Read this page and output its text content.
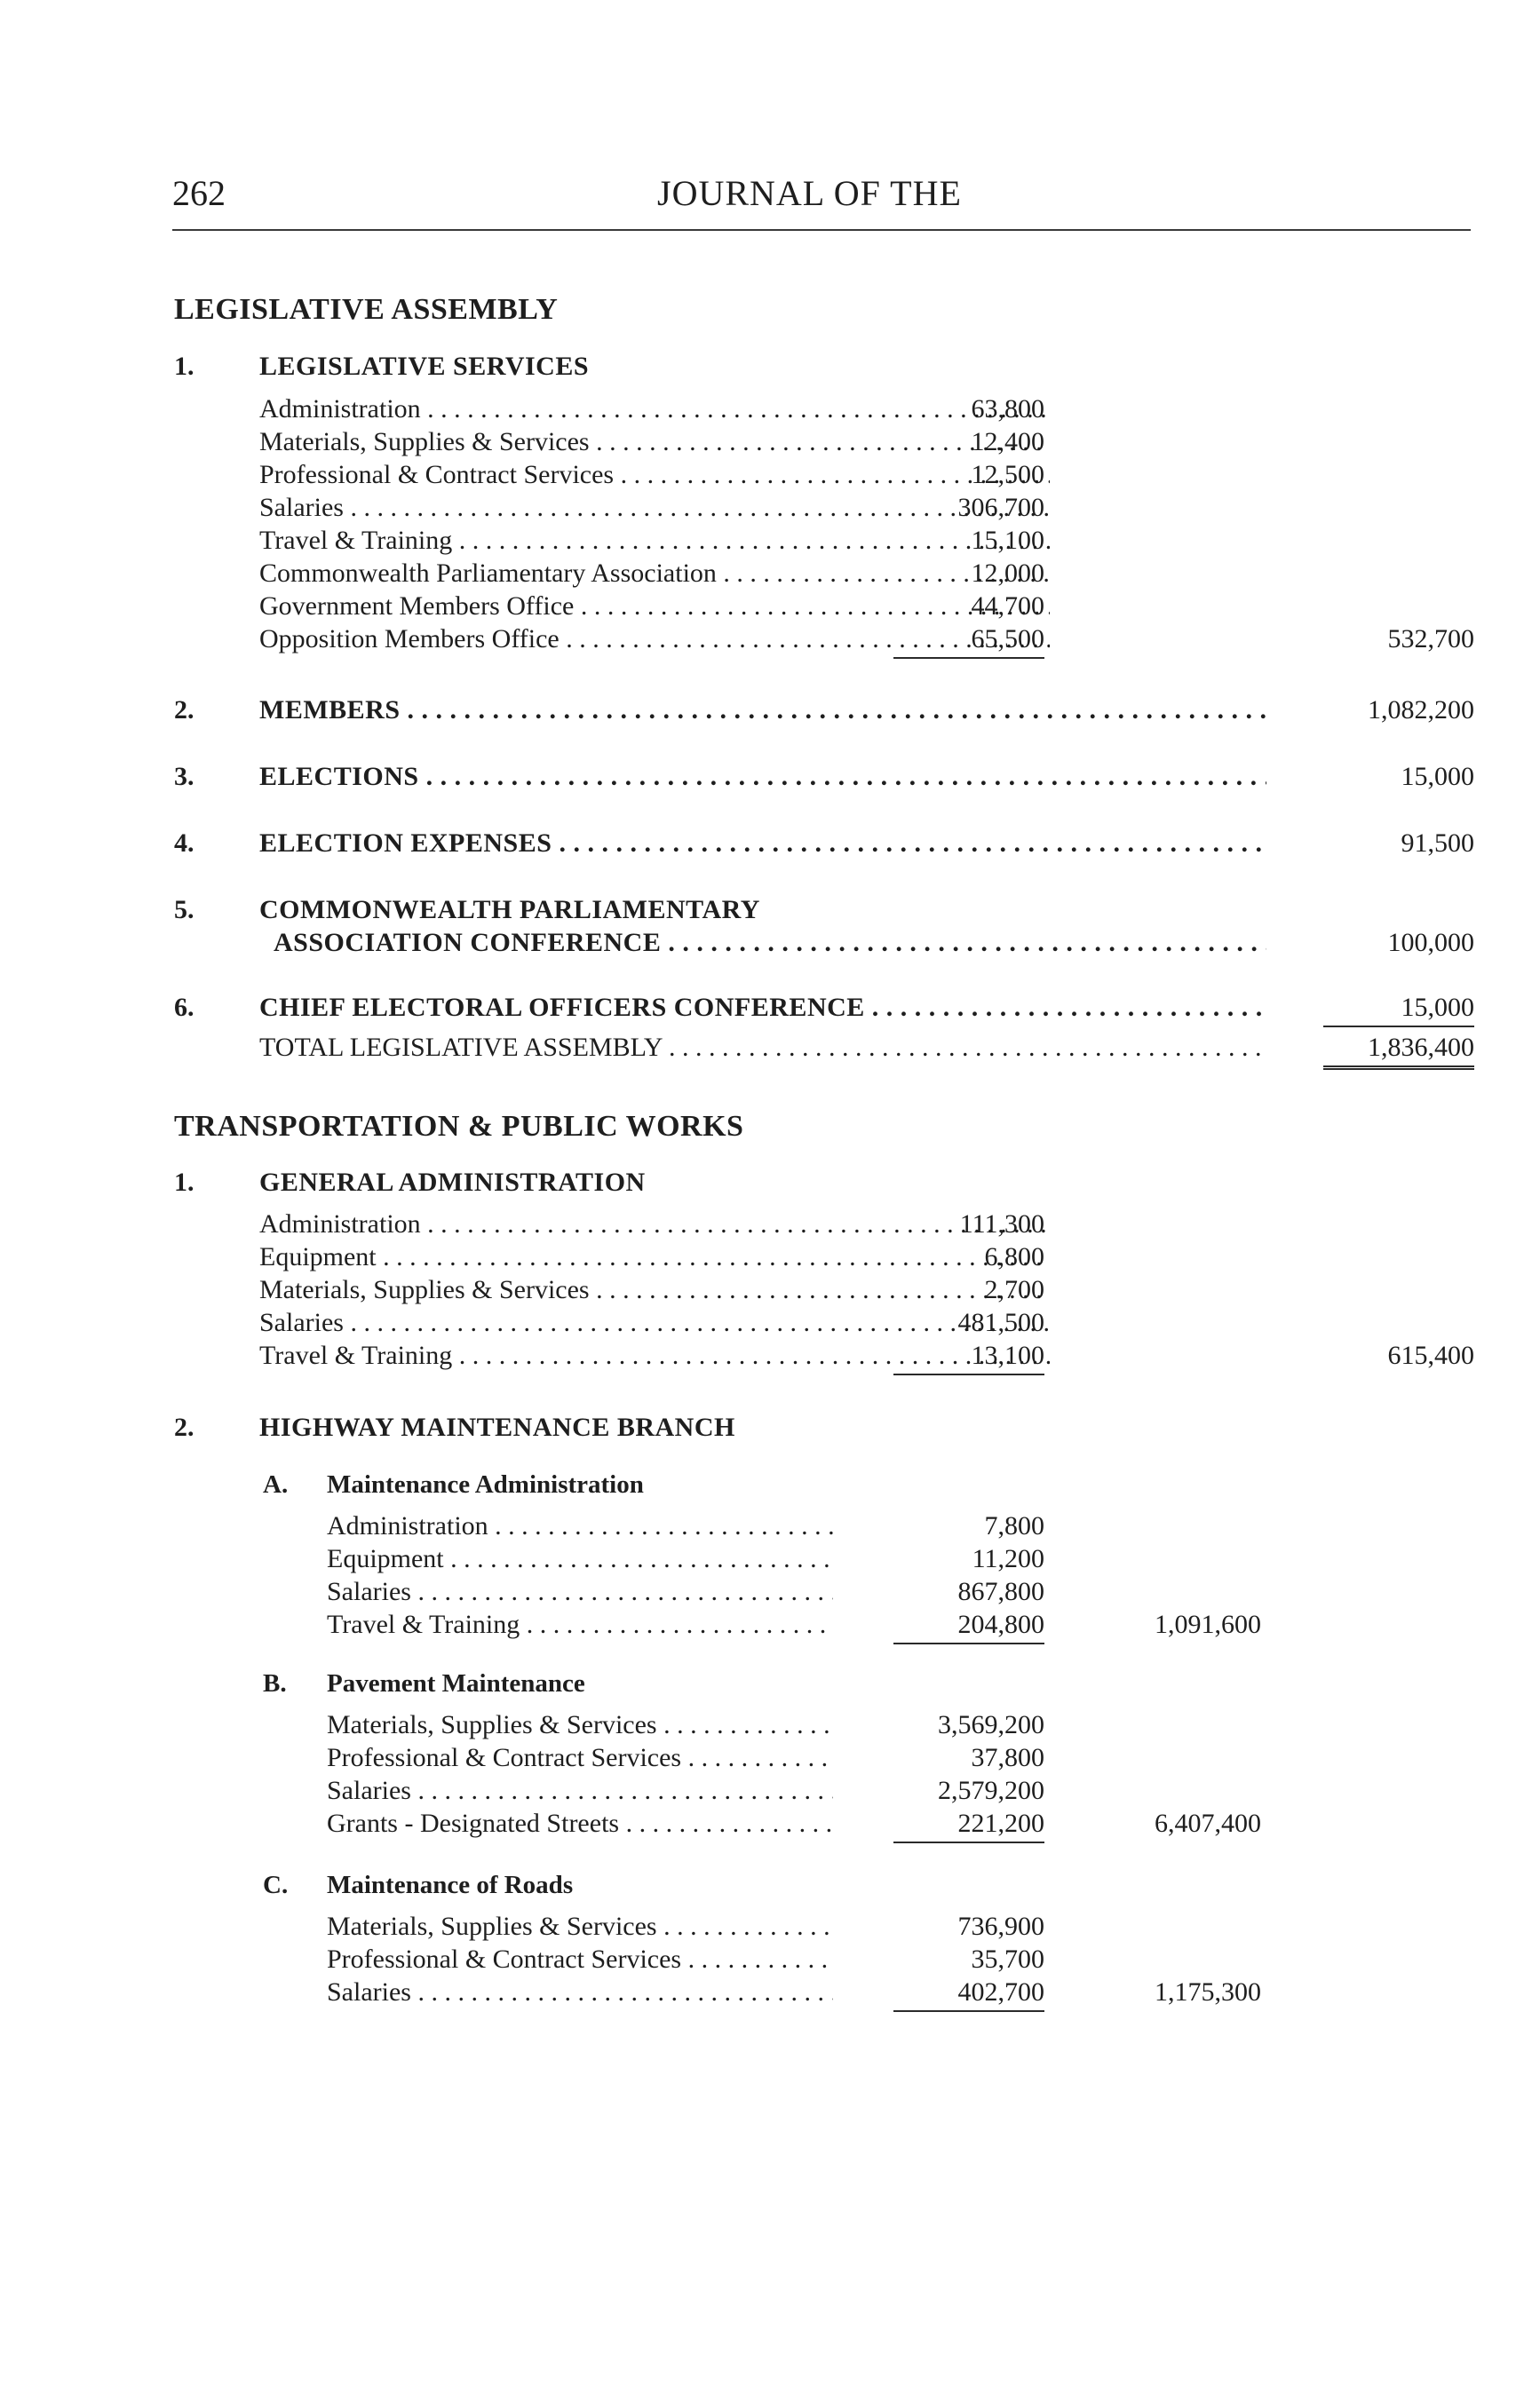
262	JOURNAL OF THE
LEGISLATIVE ASSEMBLY
1. LEGISLATIVE SERVICES
Administration . . .	63,800
Materials, Supplies & Services . . .	12,400
Professional & Contract Services . . .	12,500
Salaries . . .	306,700
Travel & Training . . .	15,100
Commonwealth Parliamentary Association . . .	12,000
Government Members Office . . .	44,700
Opposition Members Office . . .	65,500	532,700
2. MEMBERS . . .	1,082,200
3. ELECTIONS . . .	15,000
4. ELECTION EXPENSES . . .	91,500
5. COMMONWEALTH PARLIAMENTARY
ASSOCIATION CONFERENCE . . .	100,000
6. CHIEF ELECTORAL OFFICERS CONFERENCE . . .	15,000
TOTAL LEGISLATIVE ASSEMBLY . . .	1,836,400
TRANSPORTATION & PUBLIC WORKS
1. GENERAL ADMINISTRATION
Administration . . .	111,300
Equipment . . .	6,800
Materials, Supplies & Services . . .	2,700
Salaries . . .	481,500
Travel & Training . . .	13,100	615,400
2. HIGHWAY MAINTENANCE BRANCH
A. Maintenance Administration
Administration . . .	7,800
Equipment . . .	11,200
Salaries . . .	867,800
Travel & Training . . .	204,800	1,091,600
B. Pavement Maintenance
Materials, Supplies & Services . . .	3,569,200
Professional & Contract Services . . .	37,800
Salaries . . .	2,579,200
Grants - Designated Streets . . .	221,200	6,407,400
C. Maintenance of Roads
Materials, Supplies & Services . . .	736,900
Professional & Contract Services . . .	35,700
Salaries . . .	402,700	1,175,300
